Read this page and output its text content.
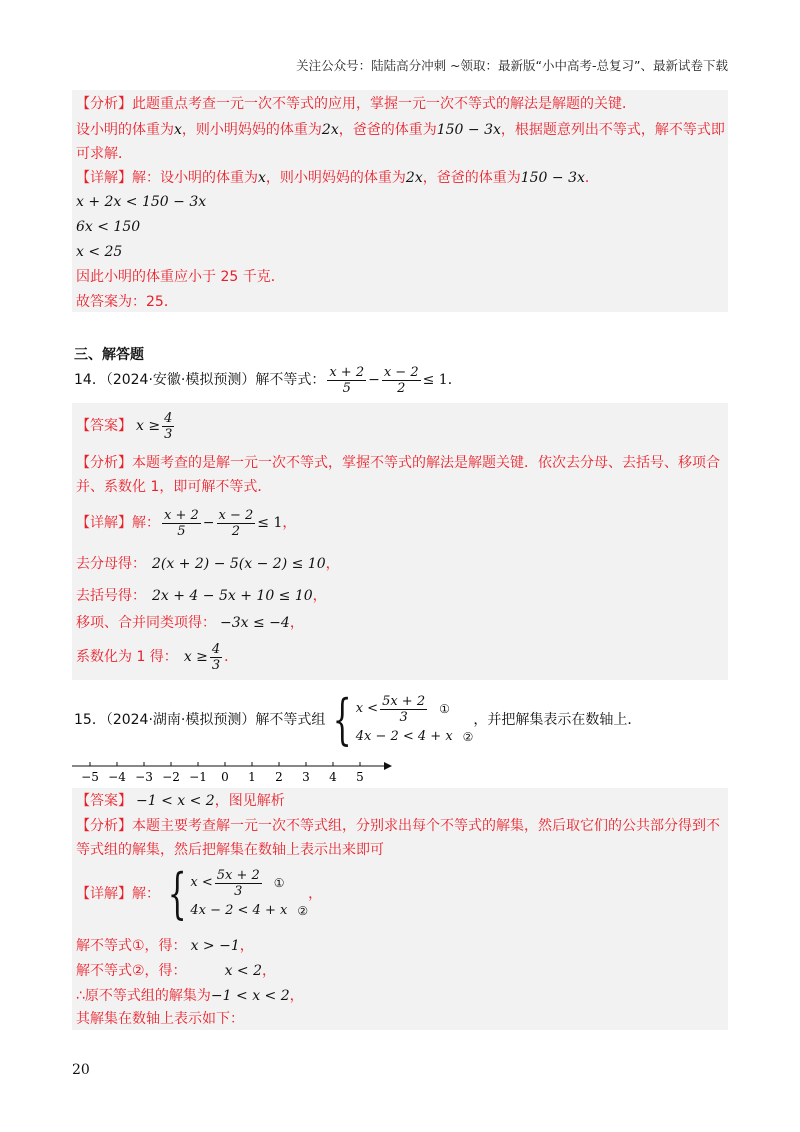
关注公众号：陆陆高分冲刺 ~领取：最新版“小中高考-总复习”、最新试卷下载
【分析】此题重点考查一元一次不等式的应用，掌握一元一次不等式的解法是解题的关键．
设小明的体重为x，则小明妈妈的体重为2x，爸爸的体重为150 − 3x，根据题意列出不等式，解不等式即
可求解．
【详解】解：设小明的体重为x，则小明妈妈的体重为2x，爸爸的体重为150 − 3x．
x + 2x < 150 − 3x
6x < 150
x < 25
因此小明的体重应小于 25 千克．
故答案为：25．
三、解答题
14．（2024·安徽·模拟预测）解不等式： $\frac{x + 2}{5} - \frac{x - 2}{2} \le 1$ ．
【答案】 $x \ge \frac{4}{3}$
【分析】本题考查的是解一元一次不等式，掌握不等式的解法是解题关键．依次去分母、去括号、移项合
并、系数化 1，即可解不等式．
【详解】 解： $\frac{x + 2}{5} - \frac{x - 2}{2} \le 1$ ，
去分母得： 2(x + 2) − 5(x − 2) ≤ 10，
去括号得： 2x + 4 − 5x + 10 ≤ 10，
移项、合并同类项得： −3x ≤ −4，
系数化为 1 得： $x \ge \frac{4}{3}$ ．
15．（2024·湖南·模拟预测）解不等式组 { $x < \frac{5x + 2}{3}$ ①
4x − 2 < 4 + x ②
，并把解集表示在数轴上．
−5 −4 −3 −2 −1 0 1 2 3 4 5
【答案】 −1 < x < 2，图见解析
【分析】本题主要考查解一元一次不等式组，分别求出每个不等式的解集，然后取它们的公共部分得到不
等式组的解集，然后把解集在数轴上表示出来即可
【详解】 解： { $x < \frac{5x + 2}{3}$ ①
4x − 2 < 4 + x ②
，
解不等式①，得： x > −1，
解不等式②，得：	x < 2，
∴原不等式组的解集为−1 < x < 2，
其解集在数轴上表示如下：
20
